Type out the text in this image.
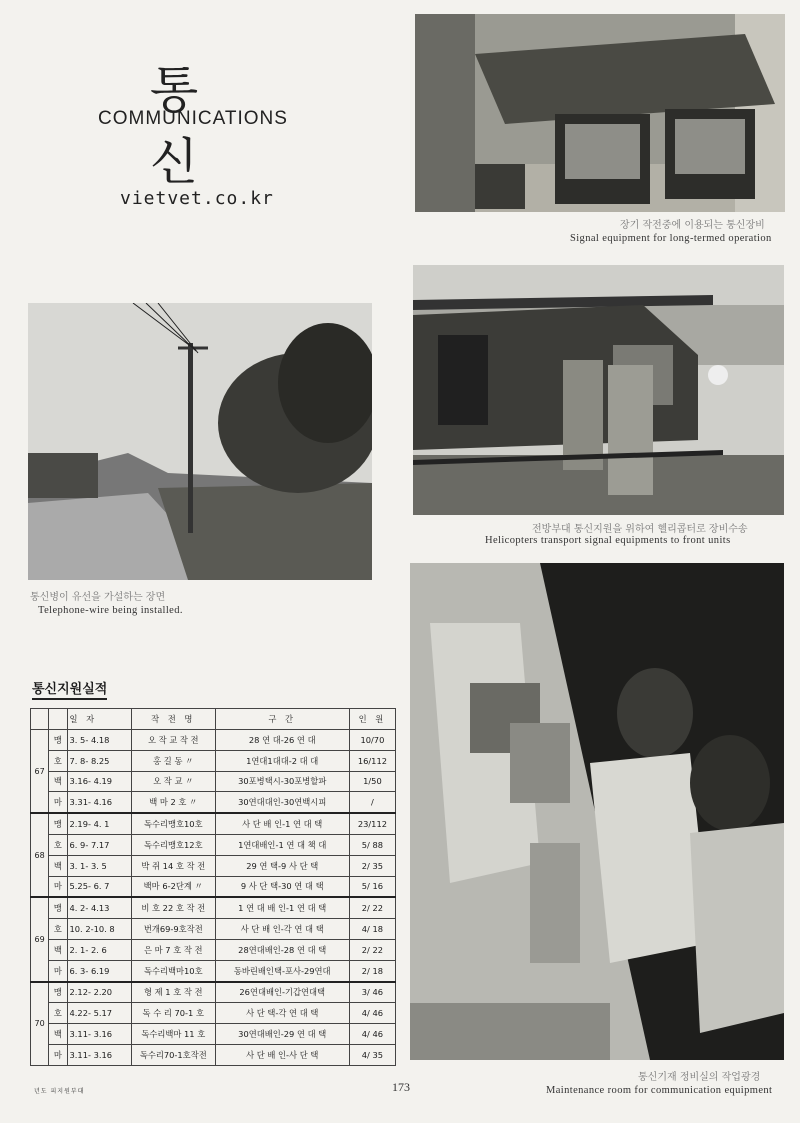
통 신
COMMUNICATIONS
vietvet.co.kr
장기 작전중에 이용되는 통신장비
Signal equipment for long-termed operation
전방부대 통신지원을 위하여 헬리콥터로 장비수송
Helicopters transport signal equipments to front units
통신병이 유선을 가설하는 장면
Telephone-wire being installed.
통신기재 정비실의 작업광경
Maintenance room for communication equipment
통신지원실적
		일 자	작 전 명	구 간	인 원
67	맹	3. 5- 4.18	오 작 교 작 전	28 연 대-26 연 대	10/70
	호	7. 8- 8.25	홍 길 동 〃	1연대1대대-2 대 대	16/112
	백	3.16- 4.19	오 작 교 〃	30포병택시-30포병할파	1/50
	마	3.31- 4.16	백 마 2 호 〃	30연대대인-30연백시피	/
68	맹	2.19- 4. 1	독수리맹호10호	사 단 배 인-1 연 대 택	23/112
	호	6. 9- 7.17	독수리맹호12호	1연대배인-1 연 대 책 대	5/ 88
	백	3. 1- 3. 5	박 쥐 14 호 작 전	29 연 택-9 사 단 택	2/ 35
	마	5.25- 6. 7	백마 6-2단계 〃	9 사 단 택-30 연 대 택	5/ 16
69	맹	4. 2- 4.13	비 호 22 호 작 전	1 연 대 배 인-1 연 대 택	2/ 22
	호	10. 2-10. 8	번개69-9호작전	사 단 배 인-각 연 대 택	4/ 18
	백	2. 1- 2. 6	은 마 7 호 작 전	28연대배인-28 연 대 택	2/ 22
	마	6. 3- 6.19	독수리백마10호	동바린배인택-포사-29연대	2/ 18
70	맹	2.12- 2.20	형 제 1 호 작 전	26연대배인-기갑연대택	3/ 46
	호	4.22- 5.17	독 수 리 70-1 호	사 단 택-각 연 대 택	4/ 46
	백	3.11- 3.16	독수리백마 11 호	30연대배인-29 연 대 택	4/ 46
	마	3.11- 3.16	독수리70-1호작전	사 단 배 인-사 단 택	4/ 35
년도 피지원부대	173
